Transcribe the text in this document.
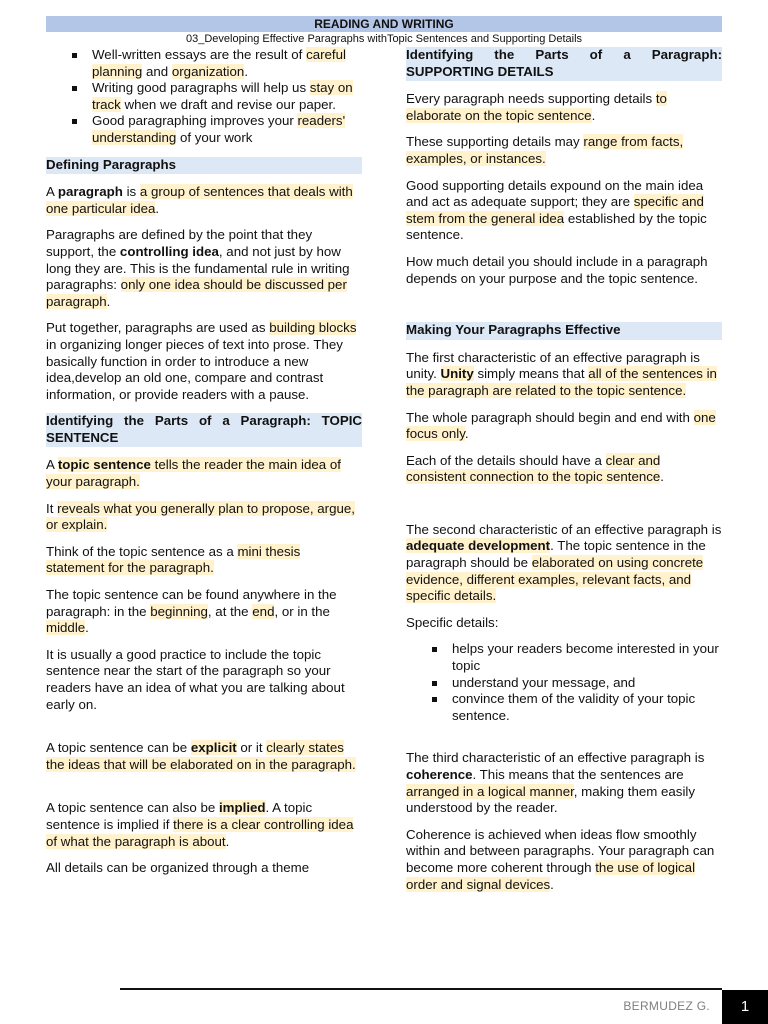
READING AND WRITING
03_Developing Effective Paragraphs withTopic Sentences and Supporting Details
Well-written essays are the result of careful planning and organization.
Writing good paragraphs will help us stay on track when we draft and revise our paper.
Good paragraphing improves your readers' understanding of your work
Defining Paragraphs

A paragraph is a group of sentences that deals with one particular idea.

Paragraphs are defined by the point that they support, the controlling idea, and not just by how long they are. This is the fundamental rule in writing paragraphs: only one idea should be discussed per paragraph.

Put together, paragraphs are used as building blocks in organizing longer pieces of text into prose. They basically function in order to introduce a new idea,develop an old one, compare and contrast information, or provide readers with a pause.

Identifying the Parts of a Paragraph: TOPIC SENTENCE

A topic sentence tells the reader the main idea of your paragraph.

It reveals what you generally plan to propose, argue, or explain.

Think of the topic sentence as a mini thesis statement for the paragraph.

The topic sentence can be found anywhere in the paragraph: in the beginning, at the end, or in the middle.

It is usually a good practice to include the topic sentence near the start of the paragraph so your readers have an idea of what you are talking about early on.

A topic sentence can be explicit or it clearly states the ideas that will be elaborated on in the paragraph.

A topic sentence can also be implied. A topic sentence is implied if there is a clear controlling idea of what the paragraph is about.

All details can be organized through a theme

Identifying the Parts of a Paragraph: SUPPORTING DETAILS

Every paragraph needs supporting details to elaborate on the topic sentence.

These supporting details may range from facts, examples, or instances.

Good supporting details expound on the main idea and act as adequate support; they are specific and stem from the general idea established by the topic sentence.

How much detail you should include in a paragraph depends on your purpose and the topic sentence.

Making Your Paragraphs Effective

The first characteristic of an effective paragraph is unity. Unity simply means that all of the sentences in the paragraph are related to the topic sentence.

The whole paragraph should begin and end with one focus only.

Each of the details should have a clear and consistent connection to the topic sentence.

The second characteristic of an effective paragraph is adequate development. The topic sentence in the paragraph should be elaborated on using concrete evidence, different examples, relevant facts, and specific details.

Specific details:

helps your readers become interested in your topic
understand your message, and
convince them of the validity of your topic sentence.

The third characteristic of an effective paragraph is coherence. This means that the sentences are arranged in a logical manner, making them easily understood by the reader.

Coherence is achieved when ideas flow smoothly within and between paragraphs. Your paragraph can become more coherent through the use of logical order and signal devices.

BERMUDEZ G.	1
